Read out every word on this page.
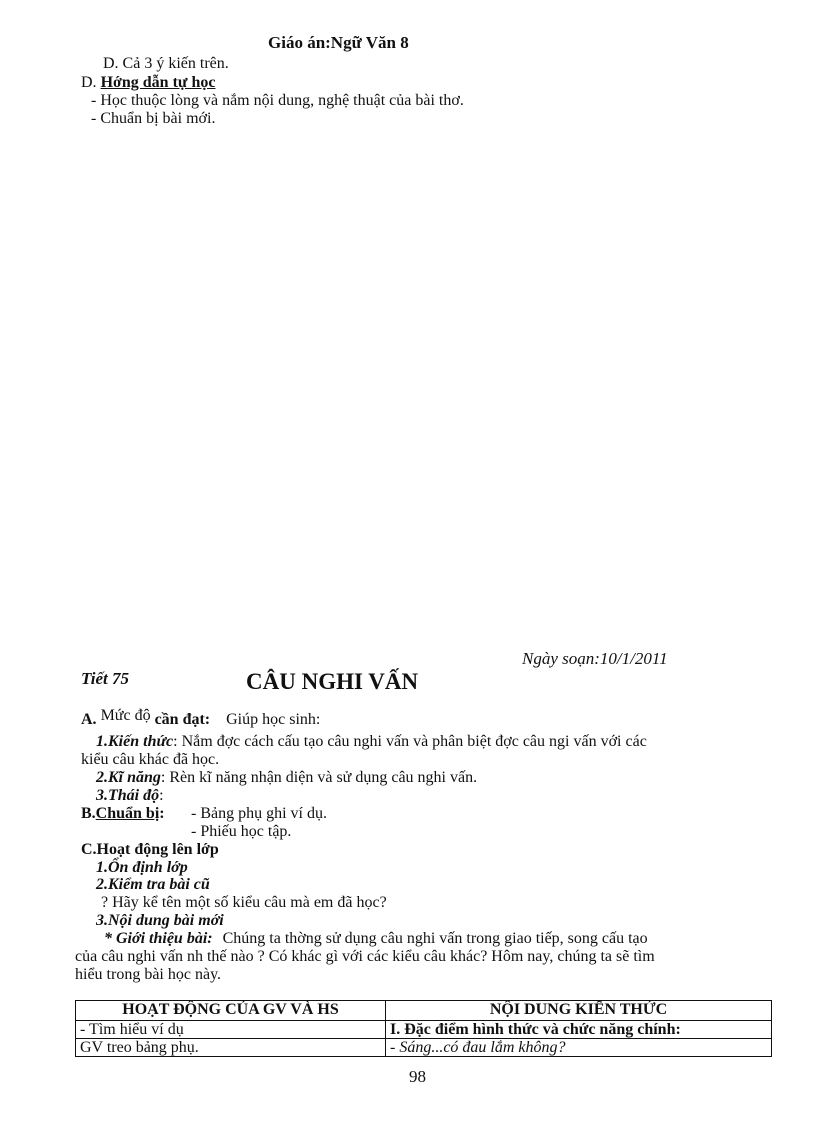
Giáo án:Ngữ Văn 8
D. Cả 3 ý kiến trên.
D. Hớng dẫn tự học
- Học thuộc lòng và nắm nội dung, nghệ thuật của bài thơ.
- Chuẩn bị bài mới.
Ngày soạn:10/1/2011
Tiết 75	CÂU NGHI VẤN
A. Mức độ cần đạt: Giúp học sinh:
1.Kiến thức: Nắm đợc cách cấu tạo câu nghi vấn và phân biệt đợc câu ngi vấn với các
kiểu câu khác đã học.
2.Kĩ năng: Rèn kĩ năng nhận diện và sử dụng câu nghi vấn.
3.Thái độ:
B.Chuẩn bị: - Bảng phụ ghi ví dụ.
- Phiếu học tập.
C.Hoạt động lên lớp
1.Ổn định lớp
2.Kiểm tra bài cũ
? Hãy kể tên một số kiểu câu mà em đã học?
3.Nội dung bài mới
* Giới thiệu bài: Chúng ta thờng sử dụng câu nghi vấn trong giao tiếp, song cấu tạo
của câu nghi vấn nh thế nào ? Có khác gì với các kiểu câu khác? Hôm nay, chúng ta sẽ tìm
hiểu trong bài học này.
HOẠT ĐỘNG CỦA GV VÀ HS	NỘI DUNG KIẾN THỨC
- Tìm hiểu ví dụ	I. Đặc điểm hình thức và chức năng chính:
GV treo bảng phụ.	- Sáng...có đau lắm không?
98
